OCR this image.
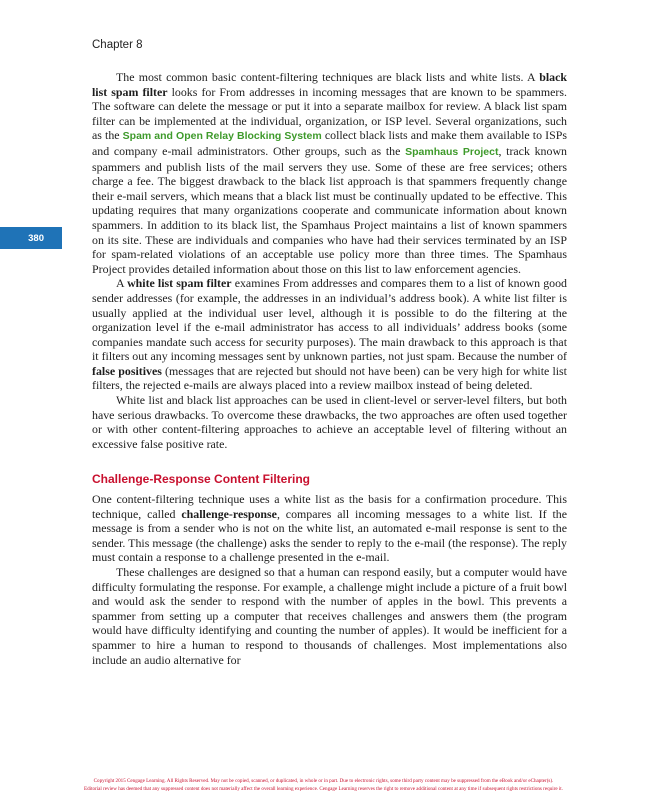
Chapter 8
380

The most common basic content-filtering techniques are black lists and white lists. A black list spam filter looks for From addresses in incoming messages that are known to be spammers. The software can delete the message or put it into a separate mailbox for review. A black list spam filter can be implemented at the individual, organization, or ISP level. Several organizations, such as the Spam and Open Relay Blocking System collect black lists and make them available to ISPs and company e-mail administrators. Other groups, such as the Spamhaus Project, track known spammers and publish lists of the mail servers they use. Some of these are free services; others charge a fee. The biggest drawback to the black list approach is that spammers frequently change their e-mail servers, which means that a black list must be continually updated to be effective. This updating requires that many organizations cooperate and communicate information about known spammers. In addition to its black list, the Spamhaus Project maintains a list of known spammers on its site. These are individuals and companies who have had their services terminated by an ISP for spam-related violations of an acceptable use policy more than three times. The Spamhaus Project provides detailed information about those on this list to law enforcement agencies.

A white list spam filter examines From addresses and compares them to a list of known good sender addresses (for example, the addresses in an individual’s address book). A white list filter is usually applied at the individual user level, although it is possible to do the filtering at the organization level if the e-mail administrator has access to all individuals’ address books (some companies mandate such access for security purposes). The main drawback to this approach is that it filters out any incoming messages sent by unknown parties, not just spam. Because the number of false positives (messages that are rejected but should not have been) can be very high for white list filters, the rejected e-mails are always placed into a review mailbox instead of being deleted.

White list and black list approaches can be used in client-level or server-level filters, but both have serious drawbacks. To overcome these drawbacks, the two approaches are often used together or with other content-filtering approaches to achieve an acceptable level of filtering without an excessive false positive rate.

Challenge-Response Content Filtering

One content-filtering technique uses a white list as the basis for a confirmation procedure. This technique, called challenge-response, compares all incoming messages to a white list. If the message is from a sender who is not on the white list, an automated e-mail response is sent to the sender. This message (the challenge) asks the sender to reply to the e-mail (the response). The reply must contain a response to a challenge presented in the e-mail.

These challenges are designed so that a human can respond easily, but a computer would have difficulty formulating the response. For example, a challenge might include a picture of a fruit bowl and would ask the sender to respond with the number of apples in the bowl. This prevents a spammer from setting up a computer that receives challenges and answers them (the program would have difficulty identifying and counting the number of apples). It would be inefficient for a spammer to hire a human to respond to thousands of challenges. Most implementations also include an audio alternative for

Copyright 2015 Cengage Learning. All Rights Reserved. May not be copied, scanned, or duplicated, in whole or in part. Due to electronic rights, some third party content may be suppressed from the eBook and/or eChapter(s).
Editorial review has deemed that any suppressed content does not materially affect the overall learning experience. Cengage Learning reserves the right to remove additional content at any time if subsequent rights restrictions require it.
